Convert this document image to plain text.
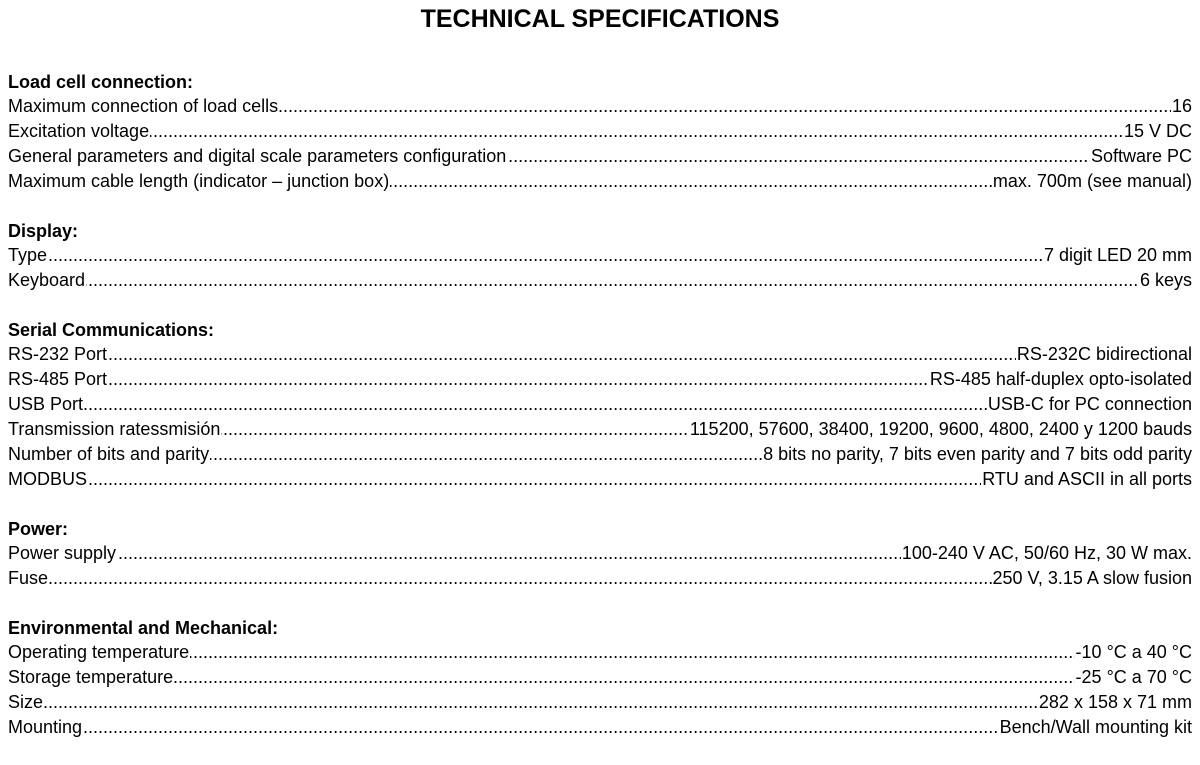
TECHNICAL SPECIFICATIONS
Load cell connection:
Maximum connection of load cells	16
.....
Excitation voltage	15 V DC
.....
General parameters and digital scale parameters configuration	Software PC
.....
Maximum cable length (indicator – junction box)	max. 700m (see manual)
.....
Display:
Type	7 digit LED 20 mm
.....
Keyboard	6 keys
.....
Serial Communications:
RS-232 Port	RS-232C bidirectional
.....
RS-485 Port	RS-485 half-duplex opto-isolated
.....
USB Port	USB-C for PC connection
.....
Transmission ratessmisión	115200, 57600, 38400, 19200, 9600, 4800, 2400 y 1200 bauds
.....
Number of bits and parity	8 bits no parity, 7 bits even parity and 7 bits odd parity
.....
MODBUS	RTU and ASCII in all ports
.....
Power:
Power supply	100-240 V AC, 50/60 Hz, 30 W max.
.....
Fuse	250 V, 3.15 A slow fusion
.....
Environmental and Mechanical:
Operating temperature	-10 °C a 40 °C
.....
Storage temperature	-25 °C a 70 °C
.....
Size	282 x 158 x 71 mm
.....
Mounting	Bench/Wall mounting kit
.....
